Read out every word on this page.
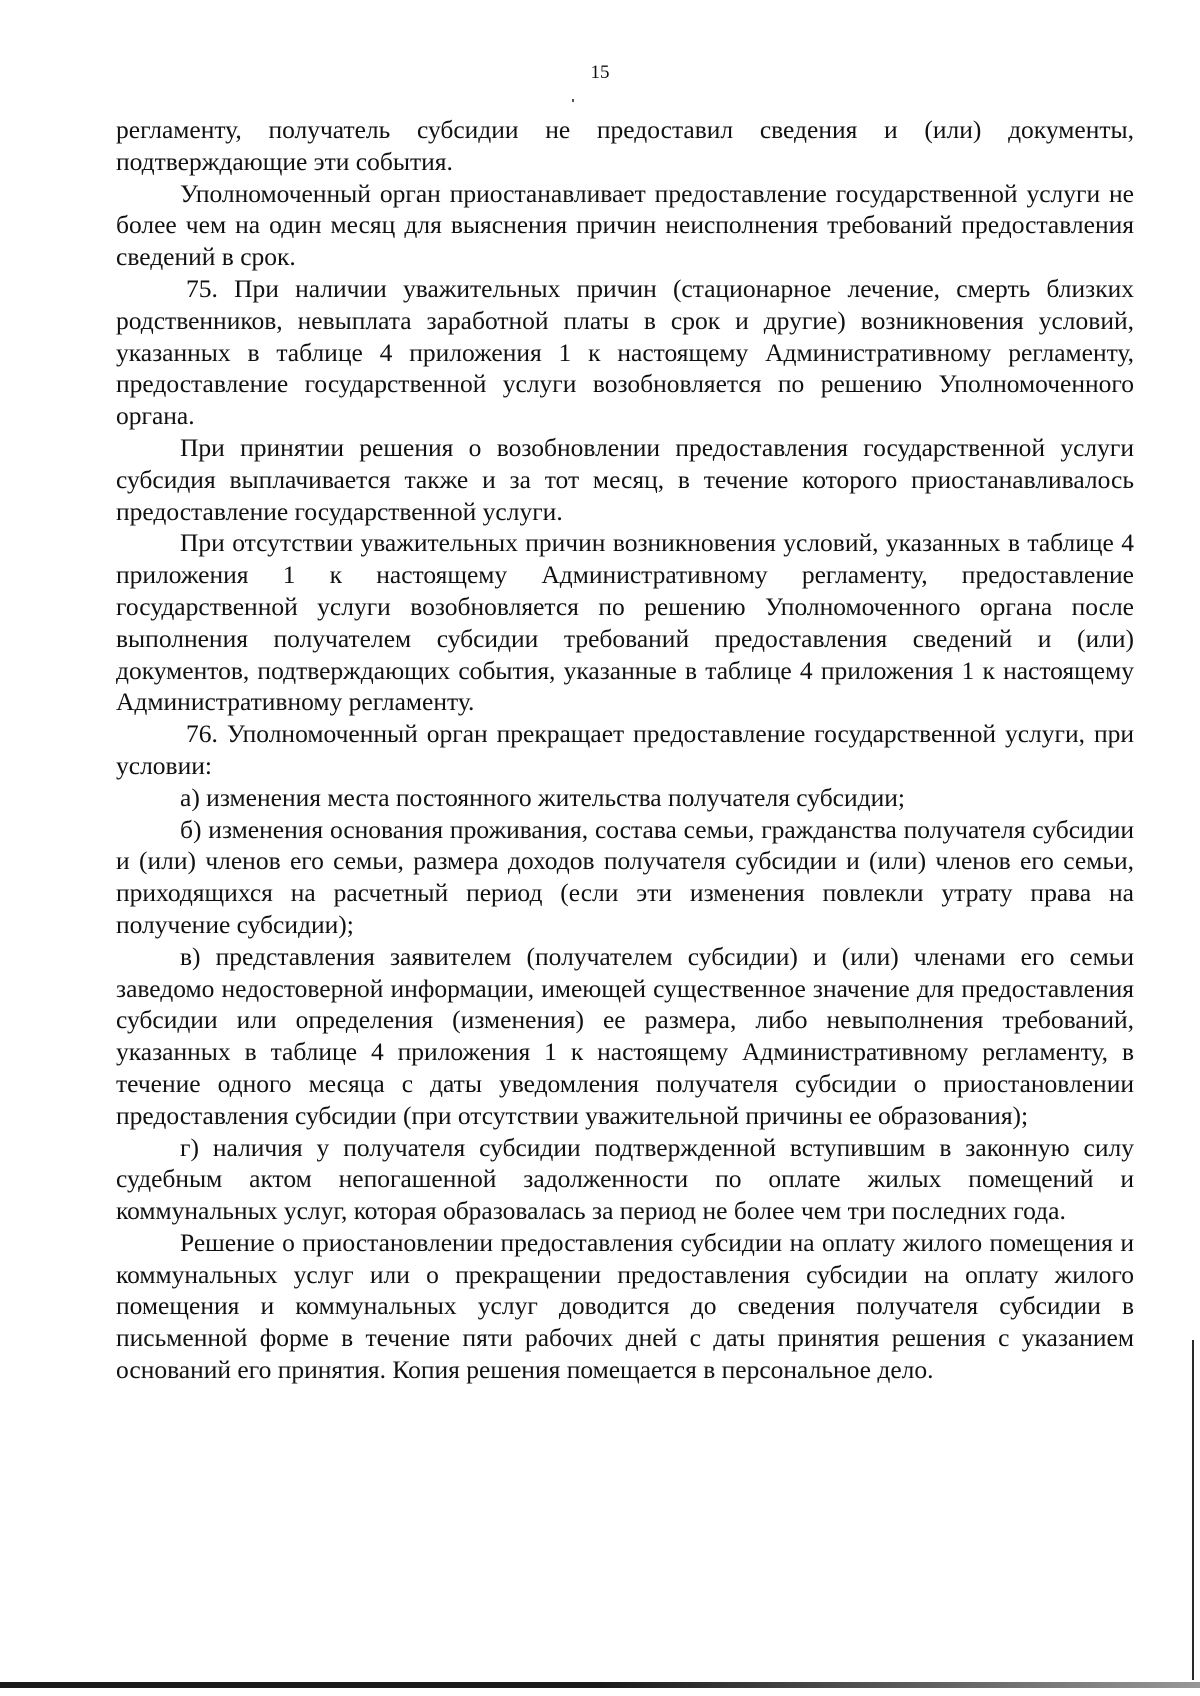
15

регламенту, получатель субсидии не предоставил сведения и (или) документы, подтверждающие эти события.

Уполномоченный орган приостанавливает предоставление государственной услуги не более чем на один месяц для выяснения причин неисполнения требований предоставления сведений в срок.

75. При наличии уважительных причин (стационарное лечение, смерть близких родственников, невыплата заработной платы в срок и другие) возникновения условий, указанных в таблице 4 приложения 1 к настоящему Административному регламенту, предоставление государственной услуги возобновляется по решению Уполномоченного органа.

При принятии решения о возобновлении предоставления государственной услуги субсидия выплачивается также и за тот месяц, в течение которого приостанавливалось предоставление государственной услуги.

При отсутствии уважительных причин возникновения условий, указанных в таблице 4 приложения 1 к настоящему Административному регламенту, предоставление государственной услуги возобновляется по решению Уполномоченного органа после выполнения получателем субсидии требований предоставления сведений и (или) документов, подтверждающих события, указанные в таблице 4 приложения 1 к настоящему Административному регламенту.

76. Уполномоченный орган прекращает предоставление государственной услуги, при условии:

а) изменения места постоянного жительства получателя субсидии;

б) изменения основания проживания, состава семьи, гражданства получателя субсидии и (или) членов его семьи, размера доходов получателя субсидии и (или) членов его семьи, приходящихся на расчетный период (если эти изменения повлекли утрату права на получение субсидии);

в) представления заявителем (получателем субсидии) и (или) членами его семьи заведомо недостоверной информации, имеющей существенное значение для предоставления субсидии или определения (изменения) ее размера, либо невыполнения требований, указанных в таблице 4 приложения 1 к настоящему Административному регламенту, в течение одного месяца с даты уведомления получателя субсидии о приостановлении предоставления субсидии (при отсутствии уважительной причины ее образования);

г) наличия у получателя субсидии подтвержденной вступившим в законную силу судебным актом непогашенной задолженности по оплате жилых помещений и коммунальных услуг, которая образовалась за период не более чем три последних года.

Решение о приостановлении предоставления субсидии на оплату жилого помещения и коммунальных услуг или о прекращении предоставления субсидии на оплату жилого помещения и коммунальных услуг доводится до сведения получателя субсидии в письменной форме в течение пяти рабочих дней с даты принятия решения с указанием оснований его принятия. Копия решения помещается в персональное дело.
